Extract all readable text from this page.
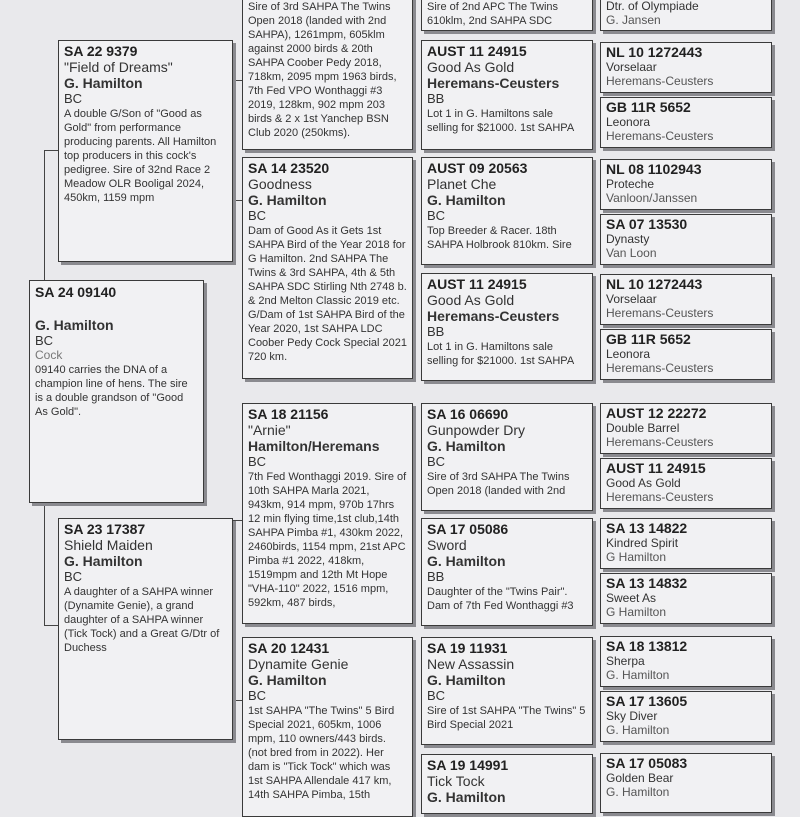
Sire of 3rd SAHPA The Twins Open 2018 (landed with 2nd SAHPA), 1261mpm, 605klm against 2000 birds & 20th SAHPA Coober Pedy 2018, 718km, 2095 mpm 1963 birds, 7th Fed VPO Wonthaggi #3 2019, 128km, 902 mpm 203 birds & 2 x 1st Yanchep BSN Club 2020 (250kms).
Sire of 2nd APC The Twins 610klm, 2nd SAHPA SDC
Dtr. of Olympiade
G. Jansen
SA 22 9379
"Field of Dreams"
G. Hamilton
BC
A double G/Son of "Good as Gold" from performance producing parents. All Hamilton top producers in this cock's pedigree. Sire of 32nd Race 2 Meadow OLR Booligal 2024, 450km, 1159 mpm
AUST 11 24915
Good As Gold
Heremans-Ceusters
BB
Lot 1 in G. Hamiltons sale selling for $21000. 1st SAHPA
NL 10 1272443
Vorselaar
Heremans-Ceusters
GB 11R 5652
Leonora
Heremans-Ceusters
SA 14 23520
Goodness
G. Hamilton
BC
Dam of Good As it Gets 1st SAHPA Bird of the Year 2018 for G Hamilton. 2nd SAHPA The Twins & 3rd SAHPA, 4th & 5th SAHPA SDC Stirling Nth 2748 b. & 2nd Melton Classic 2019 etc. G/Dam of 1st SAHPA Bird of the Year 2020, 1st SAHPA LDC Coober Pedy Cock Special 2021 720 km.
AUST 09 20563
Planet Che
G. Hamilton
BC
Top Breeder & Racer. 18th SAHPA Holbrook 810km. Sire
NL 08 1102943
Proteche
Vanloon/Janssen
SA 07 13530
Dynasty
Van Loon
SA 24 09140
G. Hamilton
BC
Cock
09140 carries the DNA of a champion line of hens. The sire is a double grandson of "Good As Gold".
AUST 11 24915
Good As Gold
Heremans-Ceusters
BB
Lot 1 in G. Hamiltons sale selling for $21000. 1st SAHPA
NL 10 1272443
Vorselaar
Heremans-Ceusters
GB 11R 5652
Leonora
Heremans-Ceusters
SA 18 21156
"Arnie"
Hamilton/Heremans
BC
7th Fed Wonthaggi 2019. Sire of 10th SAHPA Marla 2021, 943km, 914 mpm, 970b 17hrs 12 min flying time,1st club,14th SAHPA Pimba #1, 430km 2022, 2460birds, 1154 mpm, 21st APC Pimba #1 2022, 418km, 1519mpm and 12th Mt Hope "VHA-110" 2022, 1516 mpm, 592km, 487 birds,
SA 16 06690
Gunpowder Dry
G. Hamilton
BC
Sire of 3rd SAHPA The Twins Open 2018 (landed with 2nd
AUST 12 22272
Double Barrel
Heremans-Ceusters
AUST 11 24915
Good As Gold
Heremans-Ceusters
SA 23 17387
Shield Maiden
G. Hamilton
BC
A daughter of a SAHPA winner (Dynamite Genie), a grand daughter of a SAHPA winner (Tick Tock) and a Great G/Dtr of Duchess
SA 17 05086
Sword
G. Hamilton
BB
Daughter of the "Twins Pair". Dam of 7th Fed Wonthaggi #3
SA 13 14822
Kindred Spirit
G Hamilton
SA 13 14832
Sweet As
G Hamilton
SA 20 12431
Dynamite Genie
G. Hamilton
BC
1st SAHPA "The Twins" 5 Bird Special 2021, 605km, 1006 mpm, 110 owners/443 birds. (not bred from in 2022). Her dam is "Tick Tock" which was 1st SAHPA Allendale 417 km, 14th SAHPA Pimba, 15th
SA 19 11931
New Assassin
G. Hamilton
BC
Sire of 1st SAHPA "The Twins" 5 Bird Special 2021
SA 18 13812
Sherpa
G. Hamilton
SA 17 13605
Sky Diver
G. Hamilton
SA 19 14991
Tick Tock
G. Hamilton
SA 17 05083
Golden Bear
G. Hamilton
